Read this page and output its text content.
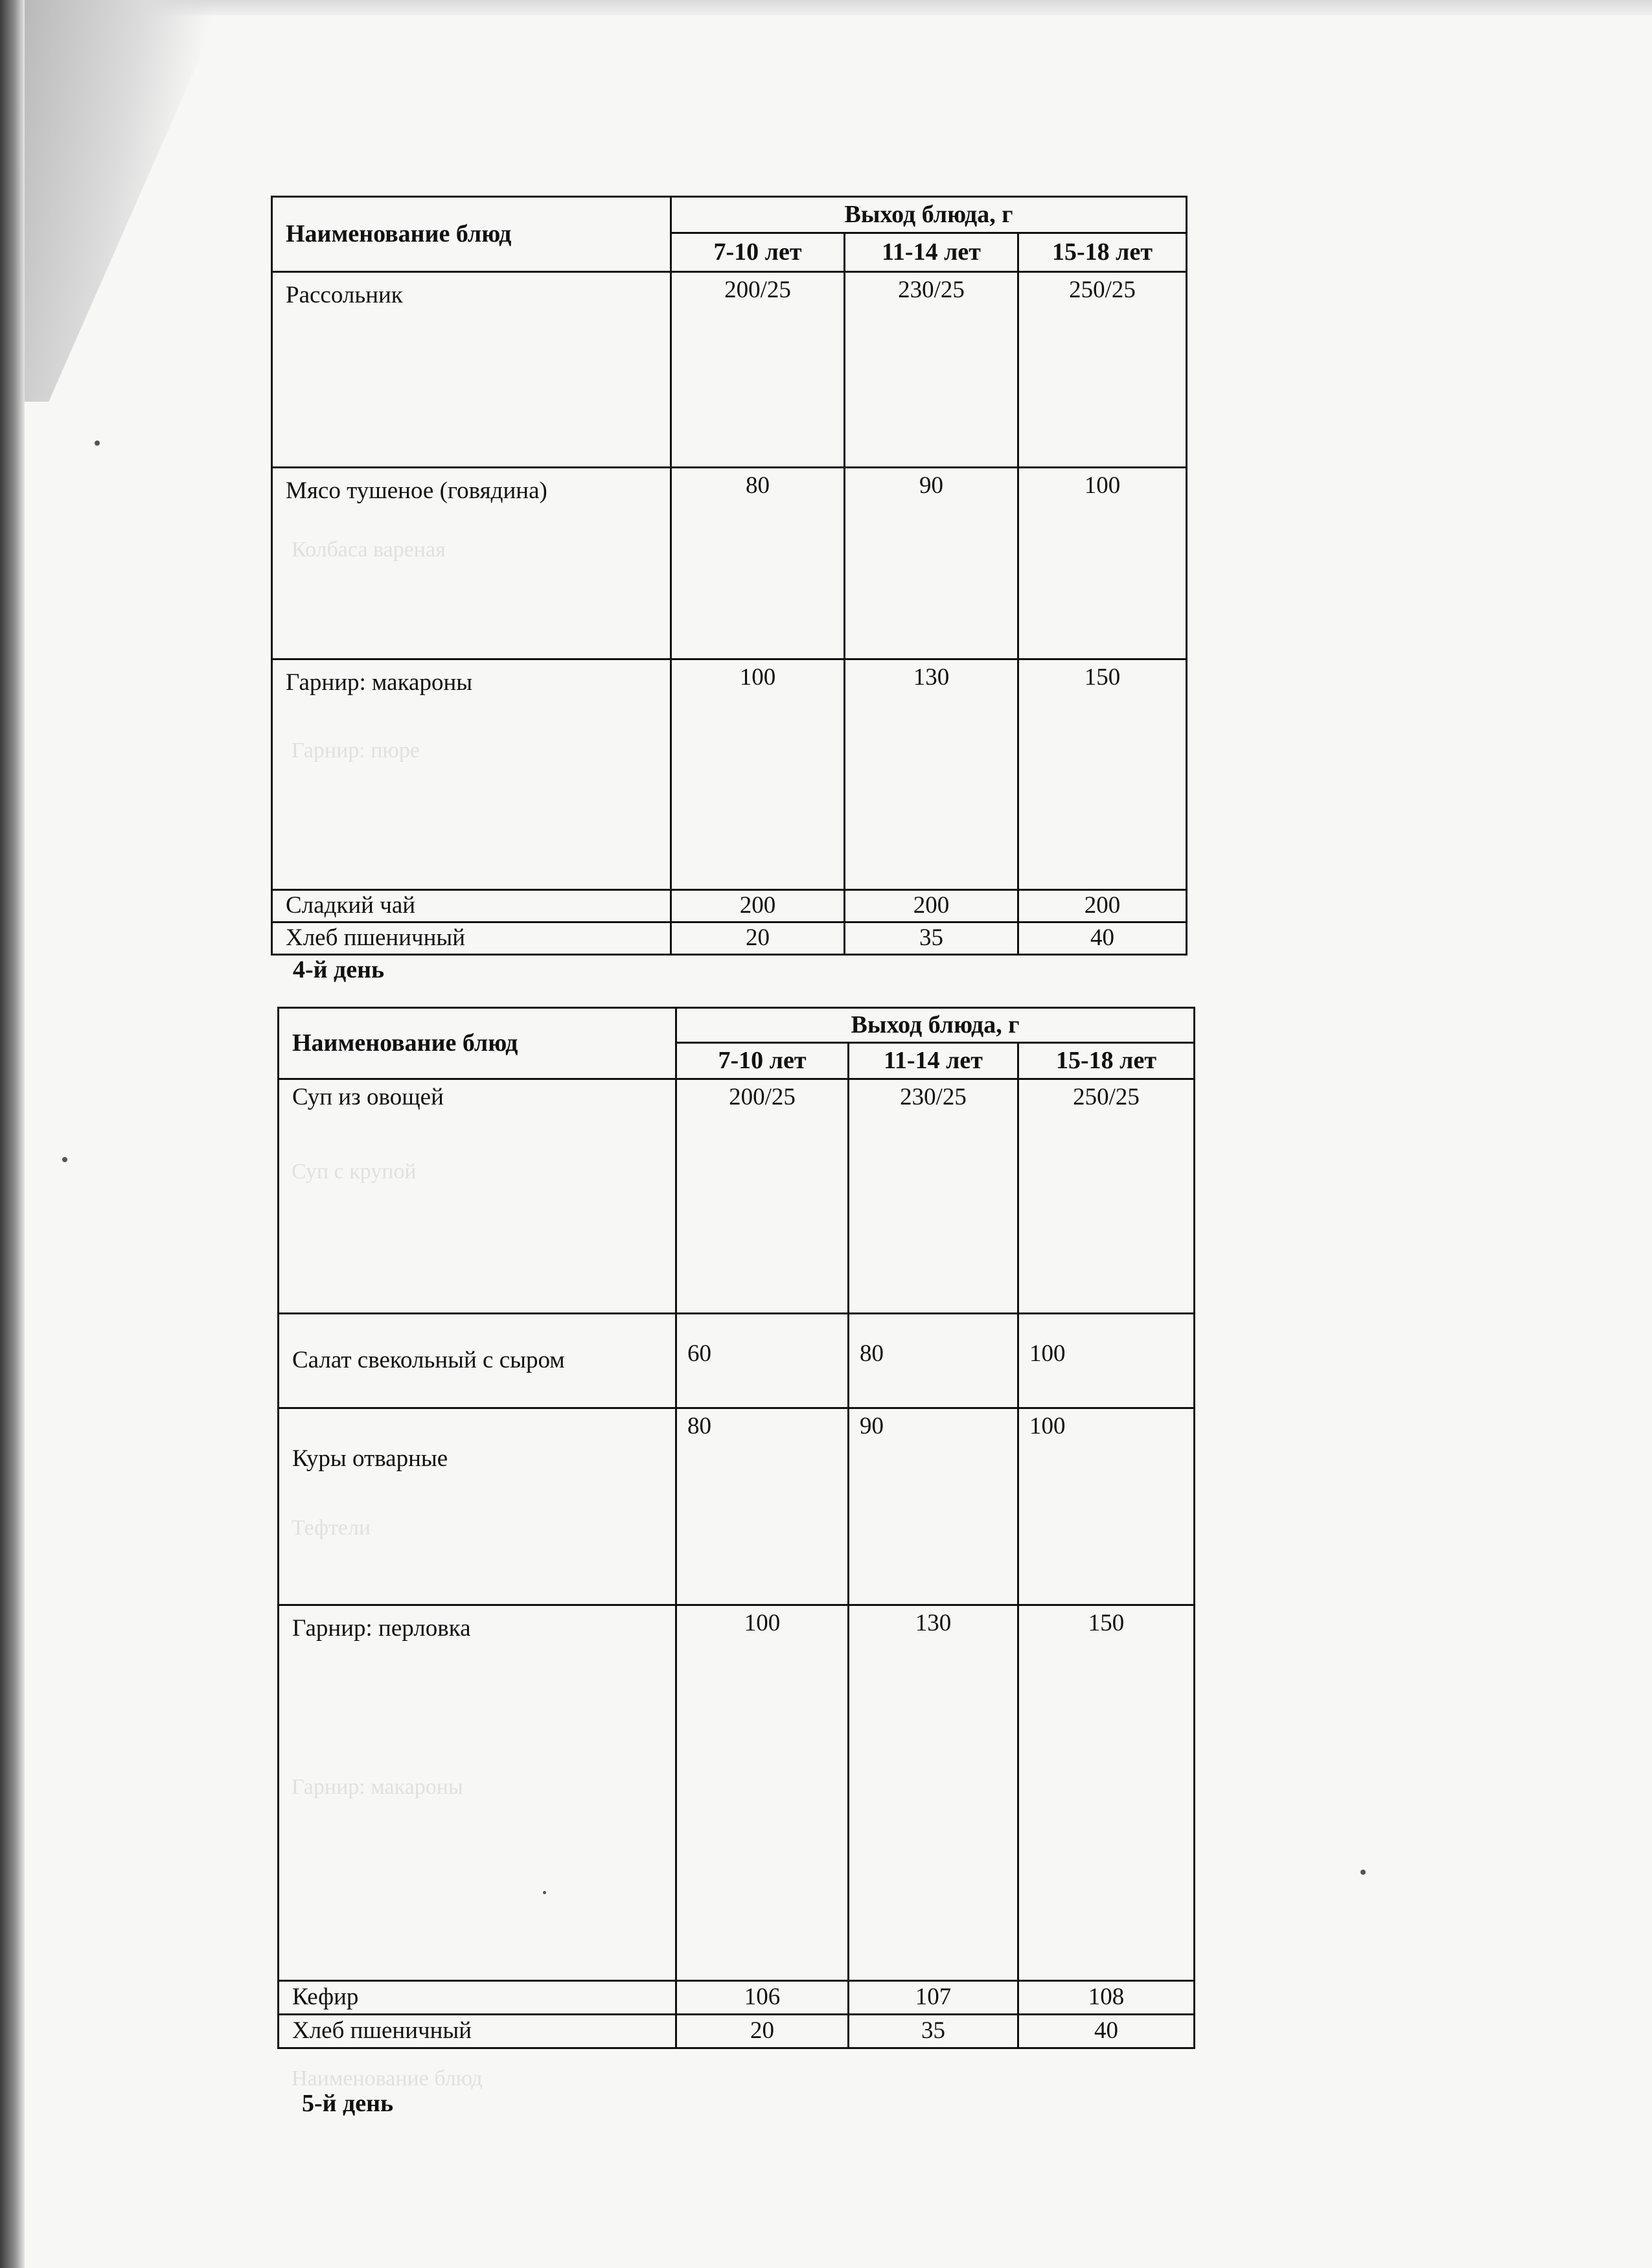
Колбаса вареная
Гарнир: пюре
Суп с крупой
Тефтели
Гарнир: макароны
Наименование блюд
Наименование блюд	Выход блюда, г		
	7-10 лет	11-14 лет	15-18 лет
Рассольник	200/25	230/25	250/25
Мясо тушеное (говядина)	80	90	100
Гарнир: макароны	100	130	150
Сладкий чай	200	200	200
Хлеб пшеничный	20	35	40
4-й день
Наименование блюд	Выход блюда, г		
	7-10 лет	11-14 лет	15-18 лет
Суп из овощей	200/25	230/25	250/25
Салат свекольный с сыром	60	80	100
Куры отварные	80	90	100
Гарнир: перловка	100	130	150
Кефир	106	107	108
Хлеб пшеничный	20	35	40
5-й день
